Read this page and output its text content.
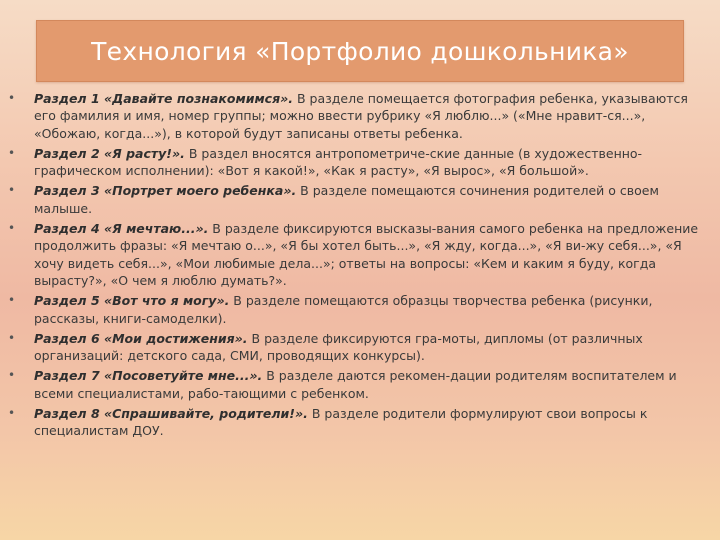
Технология «Портфолио дошкольника»
• Раздел 1 «Давайте познакомимся». В разделе помещается фотография ребенка, указываются его фамилия и имя, номер группы; можно ввести рубрику «Я люблю...» («Мне нравит-ся...», «Обожаю, когда...»), в которой будут записаны ответы ребенка.
• Раздел 2 «Я расту!». В раздел вносятся антропометриче-ские данные (в художественно-графическом исполнении): «Вот я какой!», «Как я расту», «Я вырос», «Я большой».
• Раздел 3 «Портрет моего ребенка». В разделе помещаются сочинения родителей о своем малыше.
• Раздел 4 «Я мечтаю...». В разделе фиксируются высказы-вания самого ребенка на предложение продолжить фразы: «Я мечтаю о...», «Я бы хотел быть...», «Я жду, когда...», «Я ви-жу себя...», «Я хочу видеть себя...», «Мои любимые дела...»; ответы на вопросы: «Кем и каким я буду, когда вырасту?», «О чем я люблю думать?».
• Раздел 5 «Вот что я могу». В разделе помещаются образцы творчества ребенка (рисунки, рассказы, книги-самоделки).
• Раздел 6 «Мои достижения». В разделе фиксируются гра-моты, дипломы (от различных организаций: детского сада, СМИ, проводящих конкурсы).
• Раздел 7 «Посоветуйте мне...». В разделе даются рекомен-дации родителям воспитателем и всеми специалистами, рабо-тающими с ребенком.
• Раздел 8 «Спрашивайте, родители!». В разделе родители формулируют свои вопросы к специалистам ДОУ.
